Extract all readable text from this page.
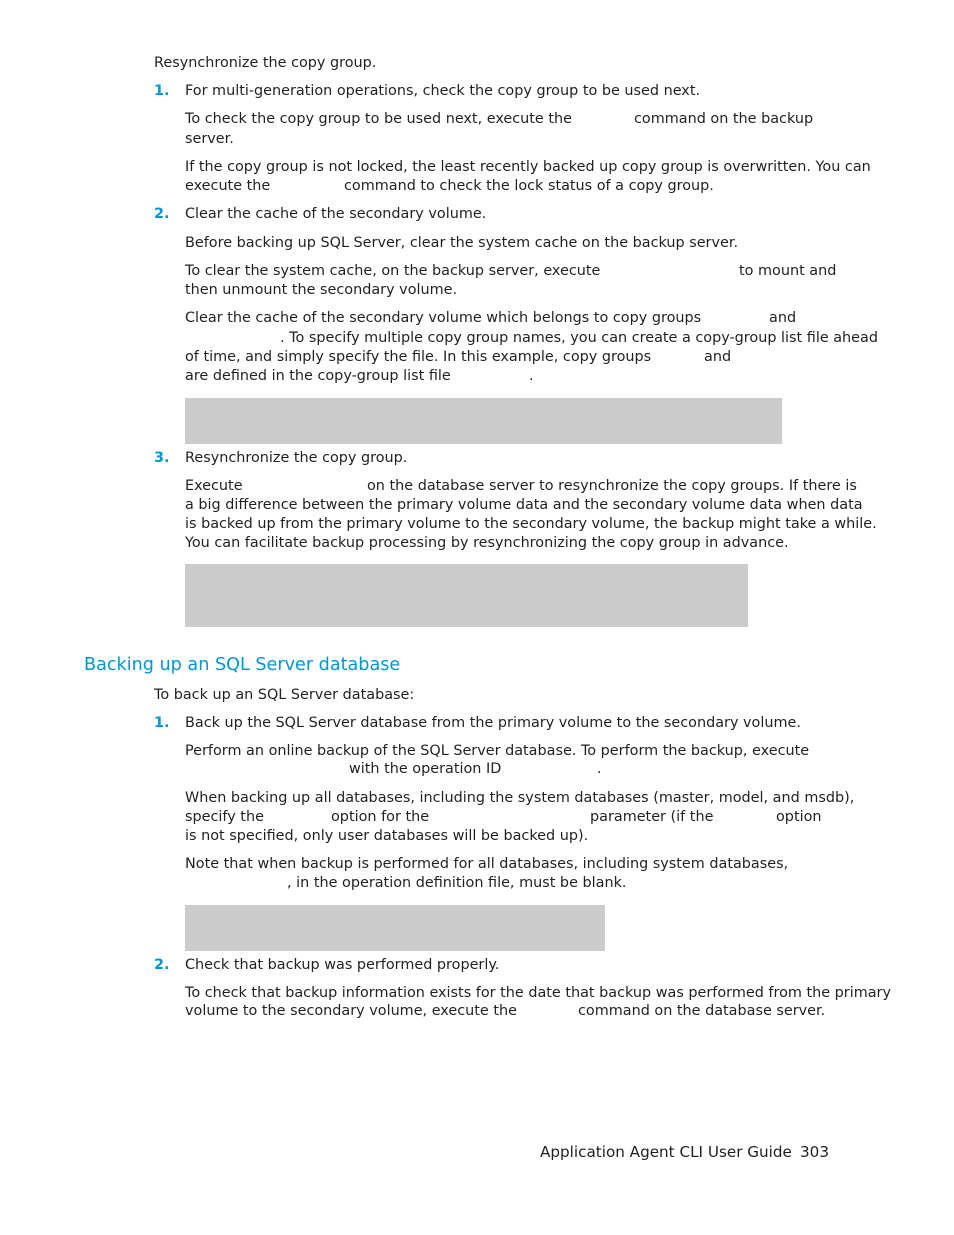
Resynchronize the copy group.

1. For multi-generation operations, check the copy group to be used next.

To check the copy group to be used next, execute the	command on the backup

server.

If the copy group is not locked, the least recently backed up copy group is overwritten. You can

execute the	command to check the lock status of a copy group.

2. Clear the cache of the secondary volume.

Before backing up SQL Server, clear the system cache on the backup server.

To clear the system cache, on the backup server, execute	to mount and

then unmount the secondary volume.

Clear the cache of the secondary volume which belongs to copy groups	and

. To specify multiple copy group names, you can create a copy-group list file ahead

of time, and simply specify the file. In this example, copy groups	and

are defined in the copy-group list file	.

3. Resynchronize the copy group.

Execute	on the database server to resynchronize the copy groups. If there is

a big difference between the primary volume data and the secondary volume data when data

is backed up from the primary volume to the secondary volume, the backup might take a while.

You can facilitate backup processing by resynchronizing the copy group in advance.

Backing up an SQL Server database

To back up an SQL Server database:

1. Back up the SQL Server database from the primary volume to the secondary volume.

Perform an online backup of the SQL Server database. To perform the backup, execute

with the operation ID	.

When backing up all databases, including the system databases (master, model, and msdb),

specify the	option for the	parameter (if the	option

is not specified, only user databases will be backed up).

Note that when backup is performed for all databases, including system databases,

, in the operation definition file, must be blank.

2. Check that backup was performed properly.

To check that backup information exists for the date that backup was performed from the primary

volume to the secondary volume, execute the	command on the database server.

Application Agent CLI User Guide 303
